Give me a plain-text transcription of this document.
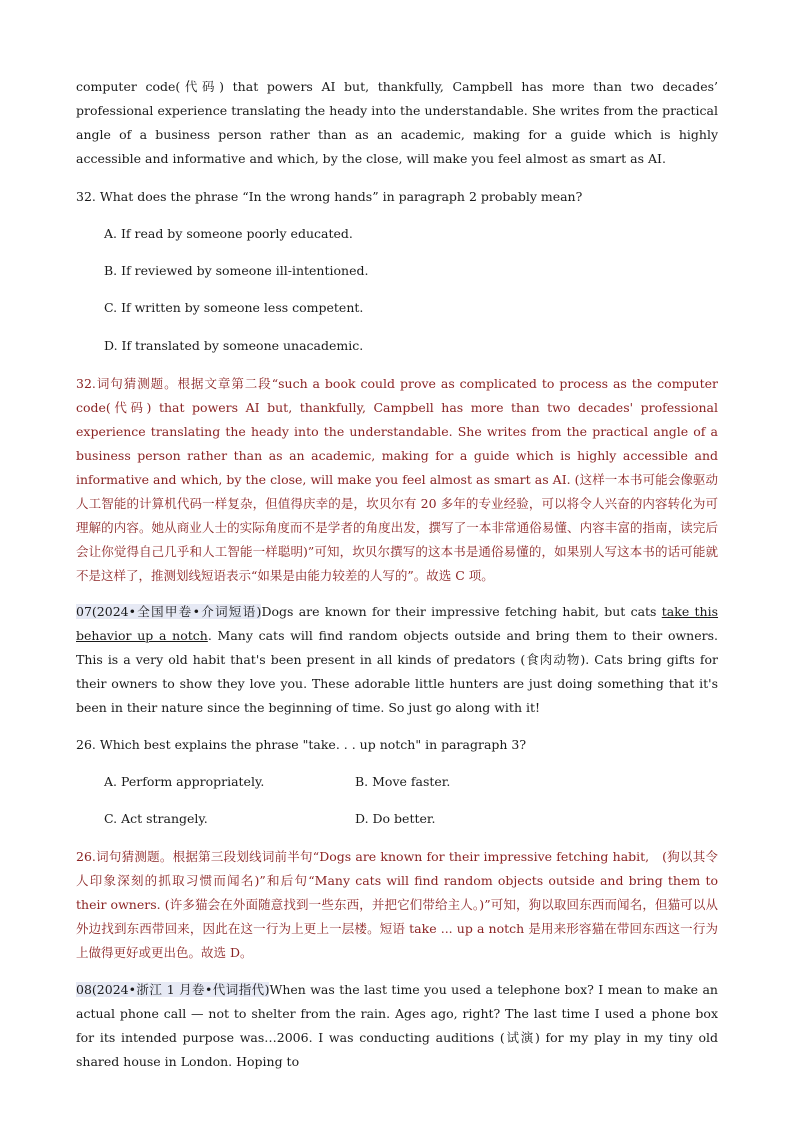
computer code(代码) that powers AI but, thankfully, Campbell has more than two decades’ professional experience translating the heady into the understandable. She writes from the practical angle of a business person rather than as an academic, making for a guide which is highly accessible and informative and which, by the close, will make you feel almost as smart as AI.

32. What does the phrase “In the wrong hands” in paragraph 2 probably mean?

A. If read by someone poorly educated.

B. If reviewed by someone ill-intentioned.

C. If written by someone less competent.

D. If translated by someone unacademic.

32.词句猜测题。根据文章第二段“such a book could prove as complicated to process as the computer code(代码) that powers AI but, thankfully, Campbell has more than two decades' professional experience translating the heady into the understandable. She writes from the practical angle of a business person rather than as an academic, making for a guide which is highly accessible and informative and which, by the close, will make you feel almost as smart as AI. (这样一本书可能会像驱动人工智能的计算机代码一样复杂，但值得庆幸的是，坎贝尔有 20 多年的专业经验，可以将令人兴奋的内容转化为可理解的内容。她从商业人士的实际角度而不是学者的角度出发，撰写了一本非常通俗易懂、内容丰富的指南，读完后会让你觉得自己几乎和人工智能一样聪明)”可知，坎贝尔撰写的这本书是通俗易懂的，如果别人写这本书的话可能就不是这样了，推测划线短语表示“如果是由能力较差的人写的”。故选 C 项。

07(2024•全国甲卷•介词短语)Dogs are known for their impressive fetching habit, but cats take this behavior up a notch. Many cats will find random objects outside and bring them to their owners. This is a very old habit that's been present in all kinds of predators (食肉动物). Cats bring gifts for their owners to show they love you. These adorable little hunters are just doing something that it's been in their nature since the beginning of time. So just go along with it!

26. Which best explains the phrase "take. . . up notch" in paragraph 3?

A. Perform appropriately.	B. Move faster.

C. Act strangely.	D. Do better.

26.词句猜测题。根据第三段划线词前半句“Dogs are known for their impressive fetching habit,　(狗以其令人印象深刻的抓取习惯而闻名)”和后句“Many cats will find random objects outside and bring them to their owners. (许多猫会在外面随意找到一些东西，并把它们带给主人。)”可知，狗以取回东西而闻名，但猫可以从外边找到东西带回来，因此在这一行为上更上一层楼。短语 take ... up a notch 是用来形容猫在带回东西这一行为上做得更好或更出色。故选 D。

08(2024•浙江 1 月卷•代词指代)When was the last time you used a telephone box? I mean to make an actual phone call — not to shelter from the rain. Ages ago, right? The last time I used a phone box for its intended purpose was…2006. I was conducting auditions (试演) for my play in my tiny old shared house in London. Hoping to
